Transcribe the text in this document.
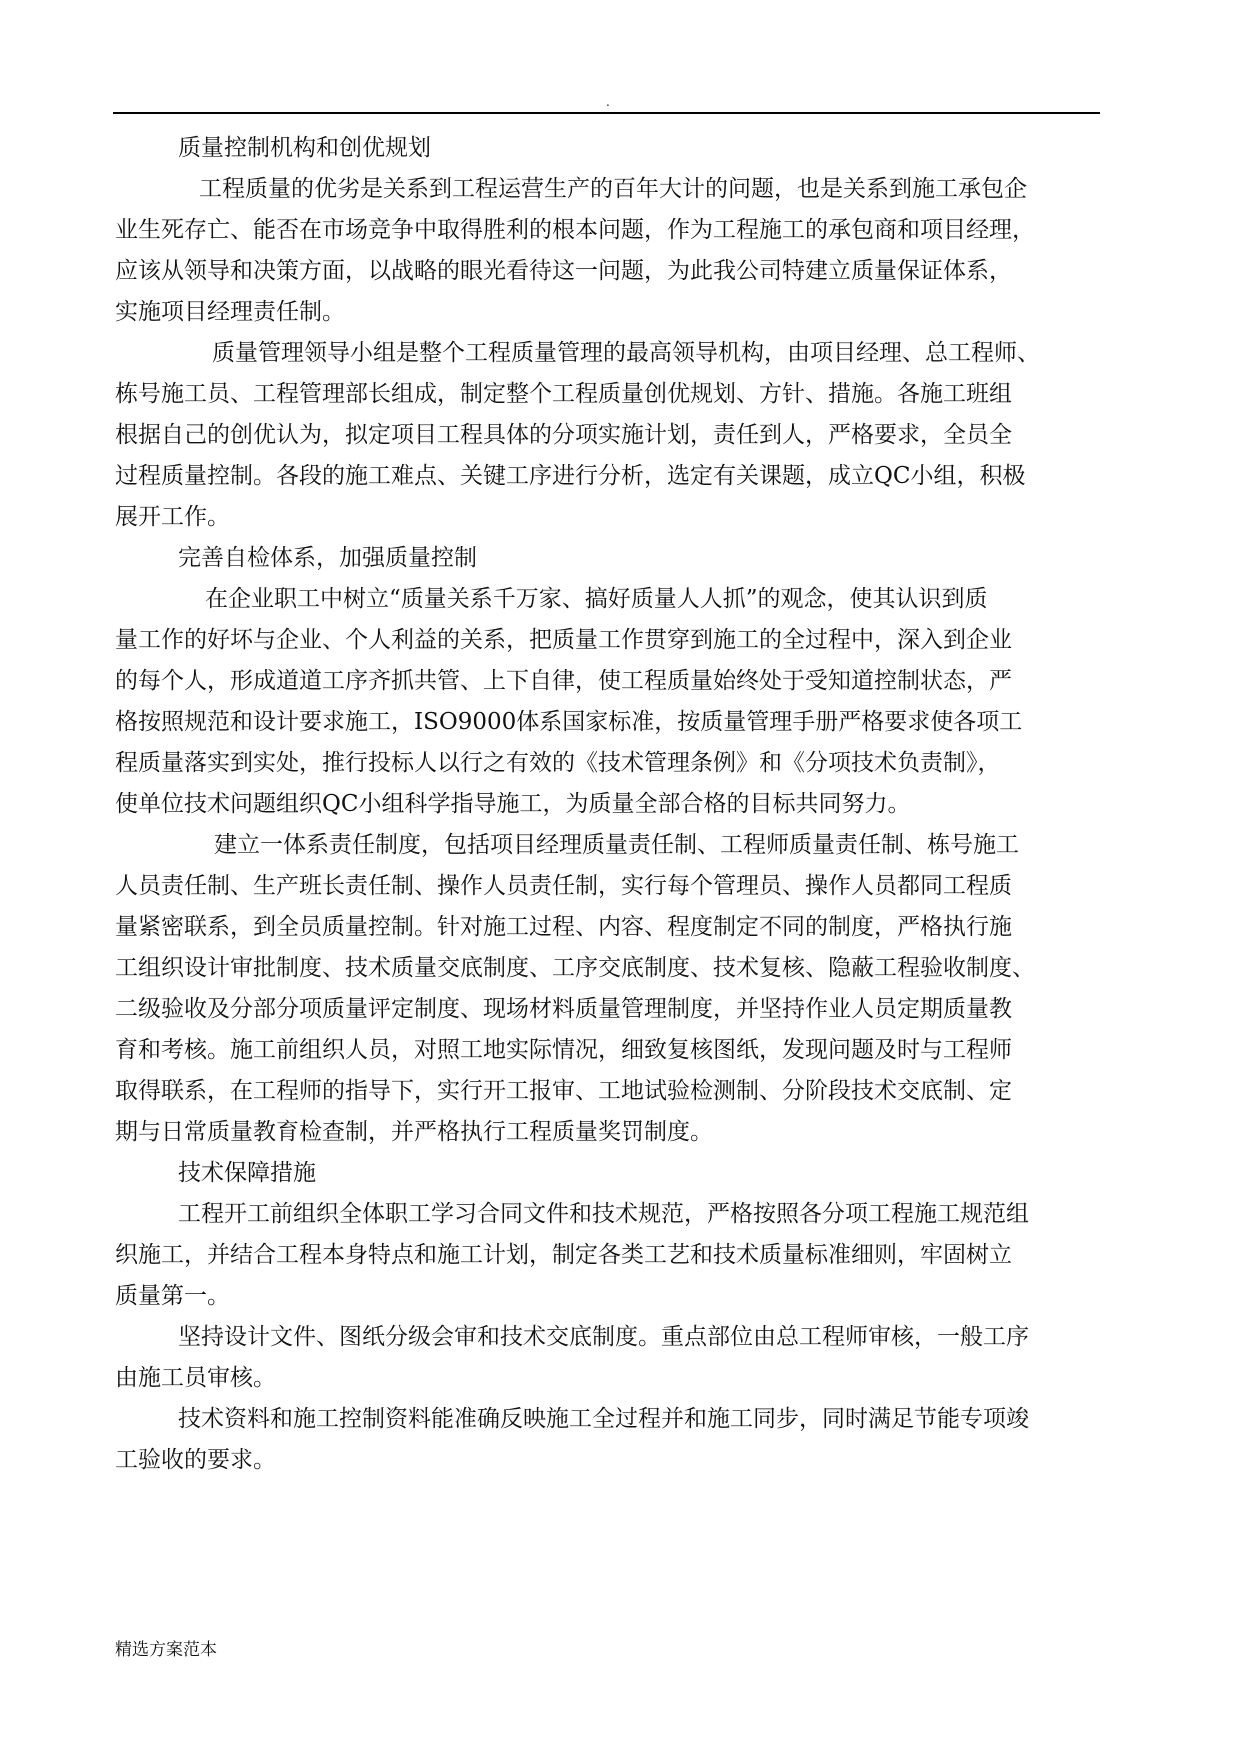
.
质量控制机构和创优规划
工程质量的优劣是关系到工程运营生产的百年大计的问题，也是关系到施工承包企
业生死存亡、能否在市场竞争中取得胜利的根本问题，作为工程施工的承包商和项目经理，
应该从领导和决策方面，以战略的眼光看待这一问题，为此我公司特建立质量保证体系，
实施项目经理责任制。
质量管理领导小组是整个工程质量管理的最高领导机构，由项目经理、总工程师、
栋号施工员、工程管理部长组成，制定整个工程质量创优规划、方针、措施。各施工班组
根据自己的创优认为，拟定项目工程具体的分项实施计划，责任到人，严格要求，全员全
过程质量控制。各段的施工难点、关键工序进行分析，选定有关课题，成立QC小组，积极
展开工作。
完善自检体系，加强质量控制
在企业职工中树立“质量关系千万家、搞好质量人人抓”的观念，使其认识到质
量工作的好坏与企业、个人利益的关系，把质量工作贯穿到施工的全过程中，深入到企业
的每个人，形成道道工序齐抓共管、上下自律，使工程质量始终处于受知道控制状态，严
格按照规范和设计要求施工，ISO9000体系国家标准，按质量管理手册严格要求使各项工
程质量落实到实处，推行投标人以行之有效的《技术管理条例》和《分项技术负责制》，
使单位技术问题组织QC小组科学指导施工，为质量全部合格的目标共同努力。
建立一体系责任制度，包括项目经理质量责任制、工程师质量责任制、栋号施工
人员责任制、生产班长责任制、操作人员责任制，实行每个管理员、操作人员都同工程质
量紧密联系，到全员质量控制。针对施工过程、内容、程度制定不同的制度，严格执行施
工组织设计审批制度、技术质量交底制度、工序交底制度、技术复核、隐蔽工程验收制度、
二级验收及分部分项质量评定制度、现场材料质量管理制度，并坚持作业人员定期质量教
育和考核。施工前组织人员，对照工地实际情况，细致复核图纸，发现问题及时与工程师
取得联系，在工程师的指导下，实行开工报审、工地试验检测制、分阶段技术交底制、定
期与日常质量教育检查制，并严格执行工程质量奖罚制度。
技术保障措施
工程开工前组织全体职工学习合同文件和技术规范，严格按照各分项工程施工规范组
织施工，并结合工程本身特点和施工计划，制定各类工艺和技术质量标准细则，牢固树立
质量第一。
坚持设计文件、图纸分级会审和技术交底制度。重点部位由总工程师审核，一般工序
由施工员审核。
技术资料和施工控制资料能准确反映施工全过程并和施工同步，同时满足节能专项竣
工验收的要求。
精选方案范本
